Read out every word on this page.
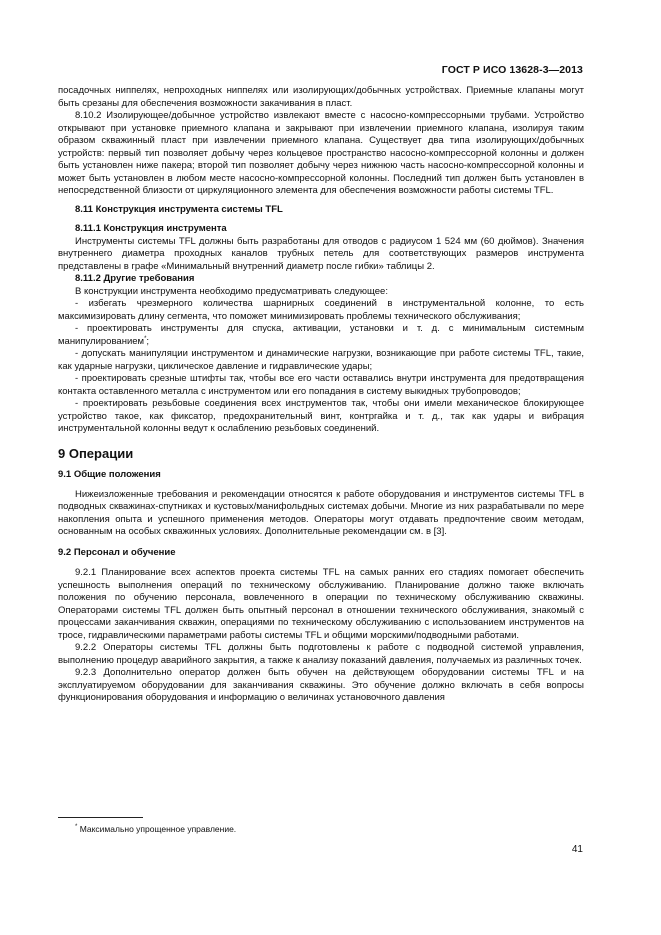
ГОСТ Р ИСО 13628-3—2013

посадочных ниппелях, непроходных ниппелях или изолирующих/добычных устройствах. Приемные клапаны могут быть срезаны для обеспечения возможности закачивания в пласт.

8.10.2 Изолирующее/добычное устройство извлекают вместе с насосно-компрессорными трубами. Устройство открывают при установке приемного клапана и закрывают при извлечении приемного клапана, изолируя таким образом скважинный пласт при извлечении приемного клапана. Существует два типа изолирующих/добычных устройств: первый тип позволяет добычу через кольцевое пространство насосно-компрессорной колонны и должен быть установлен ниже пакера; второй тип позволяет добычу через нижнюю часть насосно-компрессорной колонны и может быть установлен в любом месте насосно-компрессорной колонны. Последний тип должен быть установлен в непосредственной близости от циркуляционного элемента для обеспечения возможности работы системы TFL.

8.11 Конструкция инструмента системы TFL

8.11.1 Конструкция инструмента

Инструменты системы TFL должны быть разработаны для отводов с радиусом 1 524 мм (60 дюймов). Значения внутреннего диаметра проходных каналов трубных петель для соответствующих размеров инструмента представлены в графе «Минимальный внутренний диаметр после гибки» таблицы 2.

8.11.2 Другие требования

В конструкции инструмента необходимо предусматривать следующее:

- избегать чрезмерного количества шарнирных соединений в инструментальной колонне, то есть максимизировать длину сегмента, что поможет минимизировать проблемы технического обслуживания;

- проектировать инструменты для спуска, активации, установки и т. д. с минимальным системным манипулированием*;

- допускать манипуляции инструментом и динамические нагрузки, возникающие при работе системы TFL, такие, как ударные нагрузки, циклическое давление и гидравлические удары;

- проектировать срезные штифты так, чтобы все его части оставались внутри инструмента для предотвращения контакта оставленного металла с инструментом или его попадания в систему выкидных трубопроводов;

- проектировать резьбовые соединения всех инструментов так, чтобы они имели механическое блокирующее устройство такое, как фиксатор, предохранительный винт, контргайка и т. д., так как удары и вибрация инструментальной колонны ведут к ослаблению резьбовых соединений.

9 Операции

9.1 Общие положения

Нижеизложенные требования и рекомендации относятся к работе оборудования и инструментов системы TFL в подводных скважинах-спутниках и кустовых/манифольдных системах добычи. Многие из них разрабатывали по мере накопления опыта и успешного применения методов. Операторы могут отдавать предпочтение своим методам, основанным на особых скважинных условиях. Дополнительные рекомендации см. в [3].

9.2 Персонал и обучение

9.2.1 Планирование всех аспектов проекта системы TFL на самых ранних его стадиях помогает обеспечить успешность выполнения операций по техническому обслуживанию. Планирование должно также включать положения по обучению персонала, вовлеченного в операции по техническому обслуживанию скважины. Операторами системы TFL должен быть опытный персонал в отношении технического обслуживания, знакомый с процессами заканчивания скважин, операциями по техническому обслуживанию с использованием инструментов на тросе, гидравлическими параметрами работы системы TFL и общими морскими/подводными работами.

9.2.2 Операторы системы TFL должны быть подготовлены к работе с подводной системой управления, выполнению процедур аварийного закрытия, а также к анализу показаний давления, получаемых из различных точек.

9.2.3 Дополнительно оператор должен быть обучен на действующем оборудовании системы TFL и на эксплуатируемом оборудовании для заканчивания скважины. Это обучение должно включать в себя вопросы функционирования оборудования и информацию о величинах установочного давления

* Максимально упрощенное управление.
41
